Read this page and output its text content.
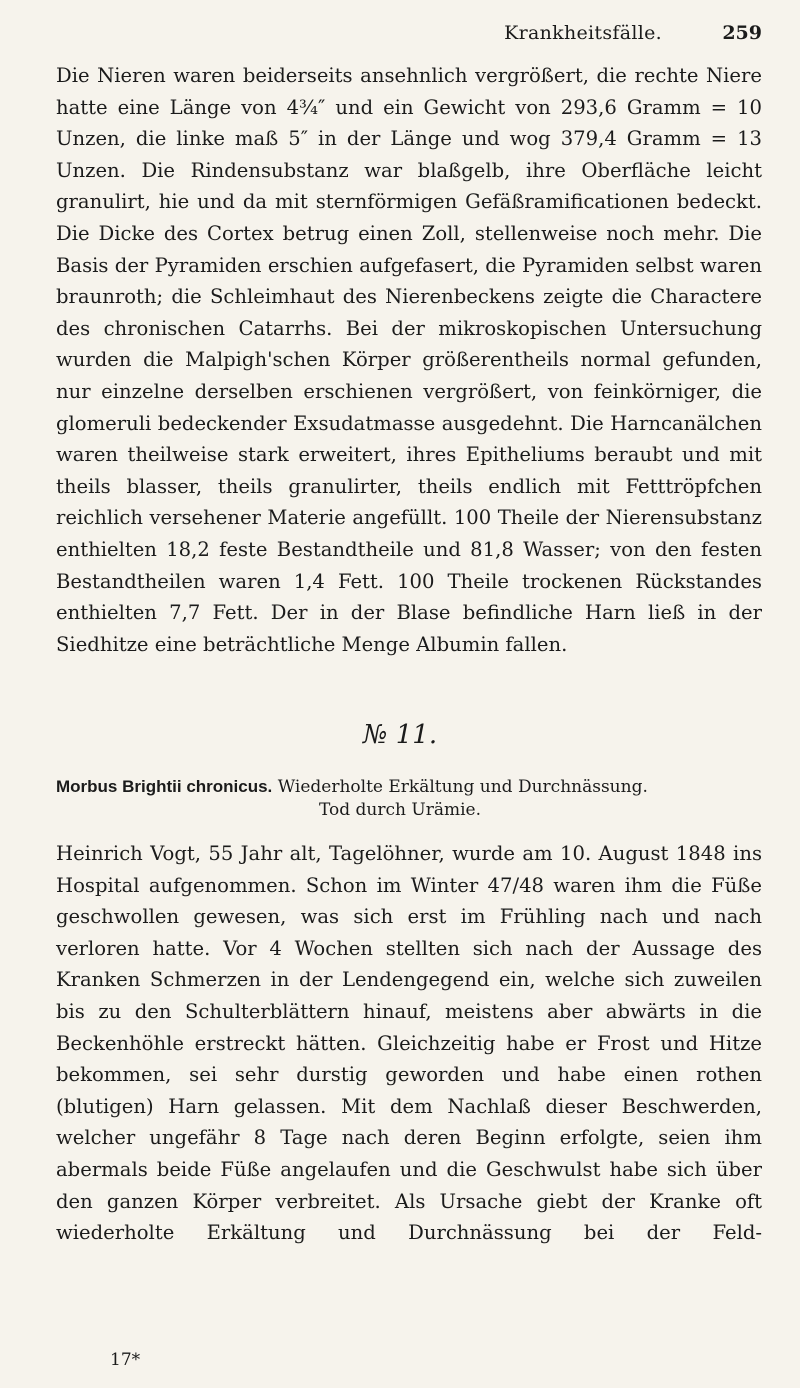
Krankheitsfälle.	259

Die Nieren waren beiderseits ansehnlich vergrößert, die rechte Niere hatte eine Länge von 4¾″ und ein Gewicht von 293,6 Gramm = 10 Unzen, die linke maß 5″ in der Länge und wog 379,4 Gramm = 13 Unzen. Die Rindensubstanz war blaßgelb, ihre Oberfläche leicht granulirt, hie und da mit sternförmigen Gefäßramificationen bedeckt. Die Dicke des Cortex betrug einen Zoll, stellenweise noch mehr. Die Basis der Pyramiden erschien aufgefasert, die Pyramiden selbst waren braunroth; die Schleimhaut des Nierenbeckens zeigte die Charactere des chronischen Catarrhs. Bei der mikroskopischen Untersuchung wurden die Malpigh'schen Körper größerentheils normal gefunden, nur einzelne derselben erschienen vergrößert, von feinkörniger, die glomeruli bedeckender Exsudatmasse ausgedehnt. Die Harncanälchen waren theilweise stark erweitert, ihres Epitheliums beraubt und mit theils blasser, theils granulirter, theils endlich mit Fetttröpfchen reichlich versehener Materie angefüllt. 100 Theile der Nierensubstanz enthielten 18,2 feste Bestandtheile und 81,8 Wasser; von den festen Bestandtheilen waren 1,4 Fett. 100 Theile trockenen Rückstandes enthielten 7,7 Fett. Der in der Blase befindliche Harn ließ in der Siedhitze eine beträchtliche Menge Albumin fallen.

№ 11.
Morbus Brightii chronicus. Wiederholte Erkältung und Durchnässung.
Tod durch Urämie.

Heinrich Vogt, 55 Jahr alt, Tagelöhner, wurde am 10. August 1848 ins Hospital aufgenommen. Schon im Winter 47/48 waren ihm die Füße geschwollen gewesen, was sich erst im Frühling nach und nach verloren hatte. Vor 4 Wochen stellten sich nach der Aussage des Kranken Schmerzen in der Lendengegend ein, welche sich zuweilen bis zu den Schulterblättern hinauf, meistens aber abwärts in die Beckenhöhle erstreckt hätten. Gleichzeitig habe er Frost und Hitze bekommen, sei sehr durstig geworden und habe einen rothen (blutigen) Harn gelassen. Mit dem Nachlaß dieser Beschwerden, welcher ungefähr 8 Tage nach deren Beginn erfolgte, seien ihm abermals beide Füße angelaufen und die Geschwulst habe sich über den ganzen Körper verbreitet. Als Ursache giebt der Kranke oft wiederholte Erkältung und Durchnässung bei der Feld-

17*
